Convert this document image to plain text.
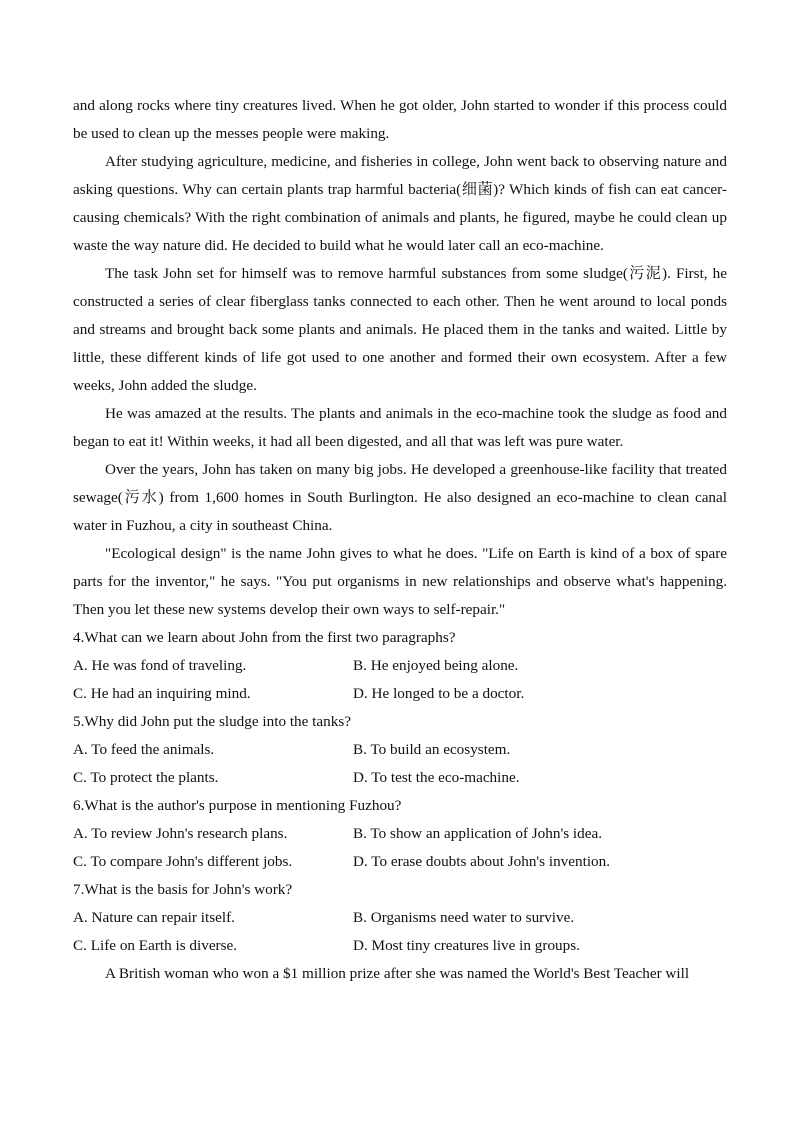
and along rocks where tiny creatures lived. When he got older, John started to wonder if this process could be used to clean up the messes people were making.

After studying agriculture, medicine, and fisheries in college, John went back to observing nature and asking questions. Why can certain plants trap harmful bacteria(细菌)? Which kinds of fish can eat cancer-causing chemicals? With the right combination of animals and plants, he figured, maybe he could clean up waste the way nature did. He decided to build what he would later call an eco-machine.

The task John set for himself was to remove harmful substances from some sludge(污泥). First, he constructed a series of clear fiberglass tanks connected to each other. Then he went around to local ponds and streams and brought back some plants and animals. He placed them in the tanks and waited. Little by little, these different kinds of life got used to one another and formed their own ecosystem. After a few weeks, John added the sludge.

He was amazed at the results. The plants and animals in the eco-machine took the sludge as food and began to eat it! Within weeks, it had all been digested, and all that was left was pure water.

Over the years, John has taken on many big jobs. He developed a greenhouse-like facility that treated sewage(污水) from 1,600 homes in South Burlington. He also designed an eco-machine to clean canal water in Fuzhou, a city in southeast China.

"Ecological design" is the name John gives to what he does. "Life on Earth is kind of a box of spare parts for the inventor," he says. "You put organisms in new relationships and observe what's happening. Then you let these new systems develop their own ways to self-repair."

4.What can we learn about John from the first two paragraphs?

A. He was fond of traveling.	B. He enjoyed being alone.
C. He had an inquiring mind.	D. He longed to be a doctor.

5.Why did John put the sludge into the tanks?

A. To feed the animals.	B. To build an ecosystem.
C. To protect the plants.	D. To test the eco-machine.

6.What is the author's purpose in mentioning Fuzhou?

A. To review John's research plans.	B. To show an application of John's idea.
C. To compare John's different jobs.	D. To erase doubts about John's invention.

7.What is the basis for John's work?

A. Nature can repair itself.	B. Organisms need water to survive.
C. Life on Earth is diverse.	D. Most tiny creatures live in groups.

A British woman who won a $1 million prize after she was named the World's Best Teacher will
